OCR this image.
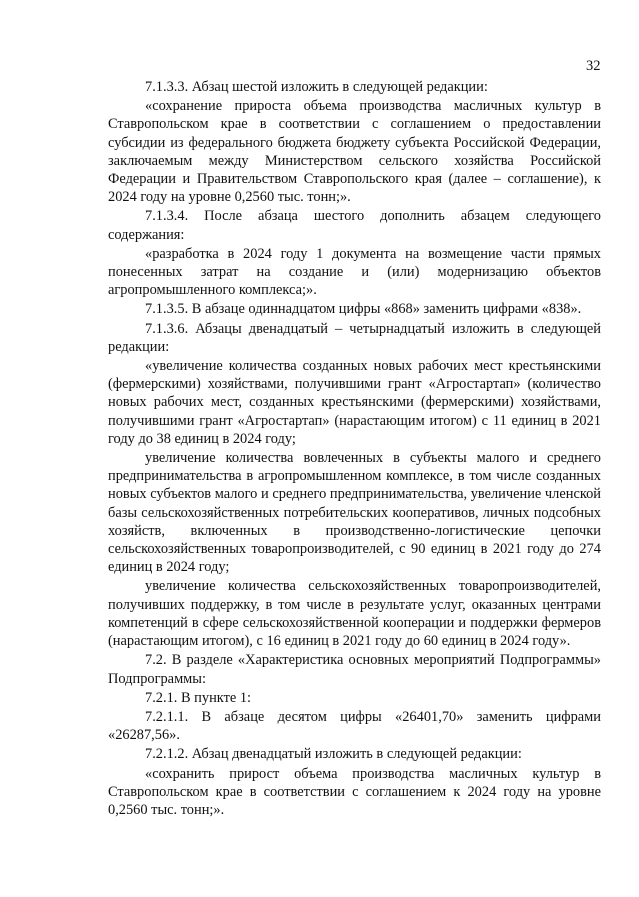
32

7.1.3.3. Абзац шестой изложить в следующей редакции:

«сохранение прироста объема производства масличных культур в Ставропольском крае в соответствии с соглашением о предоставлении субсидии из федерального бюджета бюджету субъекта Российской Федерации, заключаемым между Министерством сельского хозяйства Российской Федерации и Правительством Ставропольского края (далее – соглашение), к 2024 году на уровне 0,2560 тыс. тонн;».

7.1.3.4. После абзаца шестого дополнить абзацем следующего содержания:

«разработка в 2024 году 1 документа на возмещение части прямых понесенных затрат на создание и (или) модернизацию объектов агропромышленного комплекса;».

7.1.3.5. В абзаце одиннадцатом цифры «868» заменить цифрами «838».

7.1.3.6. Абзацы двенадцатый – четырнадцатый изложить в следующей редакции:

«увеличение количества созданных новых рабочих мест крестьянскими (фермерскими) хозяйствами, получившими грант «Агростартап» (количество новых рабочих мест, созданных крестьянскими (фермерскими) хозяйствами, получившими грант «Агростартап» (нарастающим итогом) с 11 единиц в 2021 году до 38 единиц в 2024 году;

увеличение количества вовлеченных в субъекты малого и среднего предпринимательства в агропромышленном комплексе, в том числе созданных новых субъектов малого и среднего предпринимательства, увеличение членской базы сельскохозяйственных потребительских кооперативов, личных подсобных хозяйств, включенных в производственно-логистические цепочки сельскохозяйственных товаропроизводителей, с 90 единиц в 2021 году до 274 единиц в 2024 году;

увеличение количества сельскохозяйственных товаропроизводителей, получивших поддержку, в том числе в результате услуг, оказанных центрами компетенций в сфере сельскохозяйственной кооперации и поддержки фермеров (нарастающим итогом), с 16 единиц в 2021 году до 60 единиц в 2024 году».

7.2. В разделе «Характеристика основных мероприятий Подпрограммы» Подпрограммы:

7.2.1. В пункте 1:

7.2.1.1. В абзаце десятом цифры «26401,70» заменить цифрами «26287,56».

7.2.1.2. Абзац двенадцатый изложить в следующей редакции:

«сохранить прирост объема производства масличных культур в Ставропольском крае в соответствии с соглашением к 2024 году на уровне 0,2560 тыс. тонн;».
